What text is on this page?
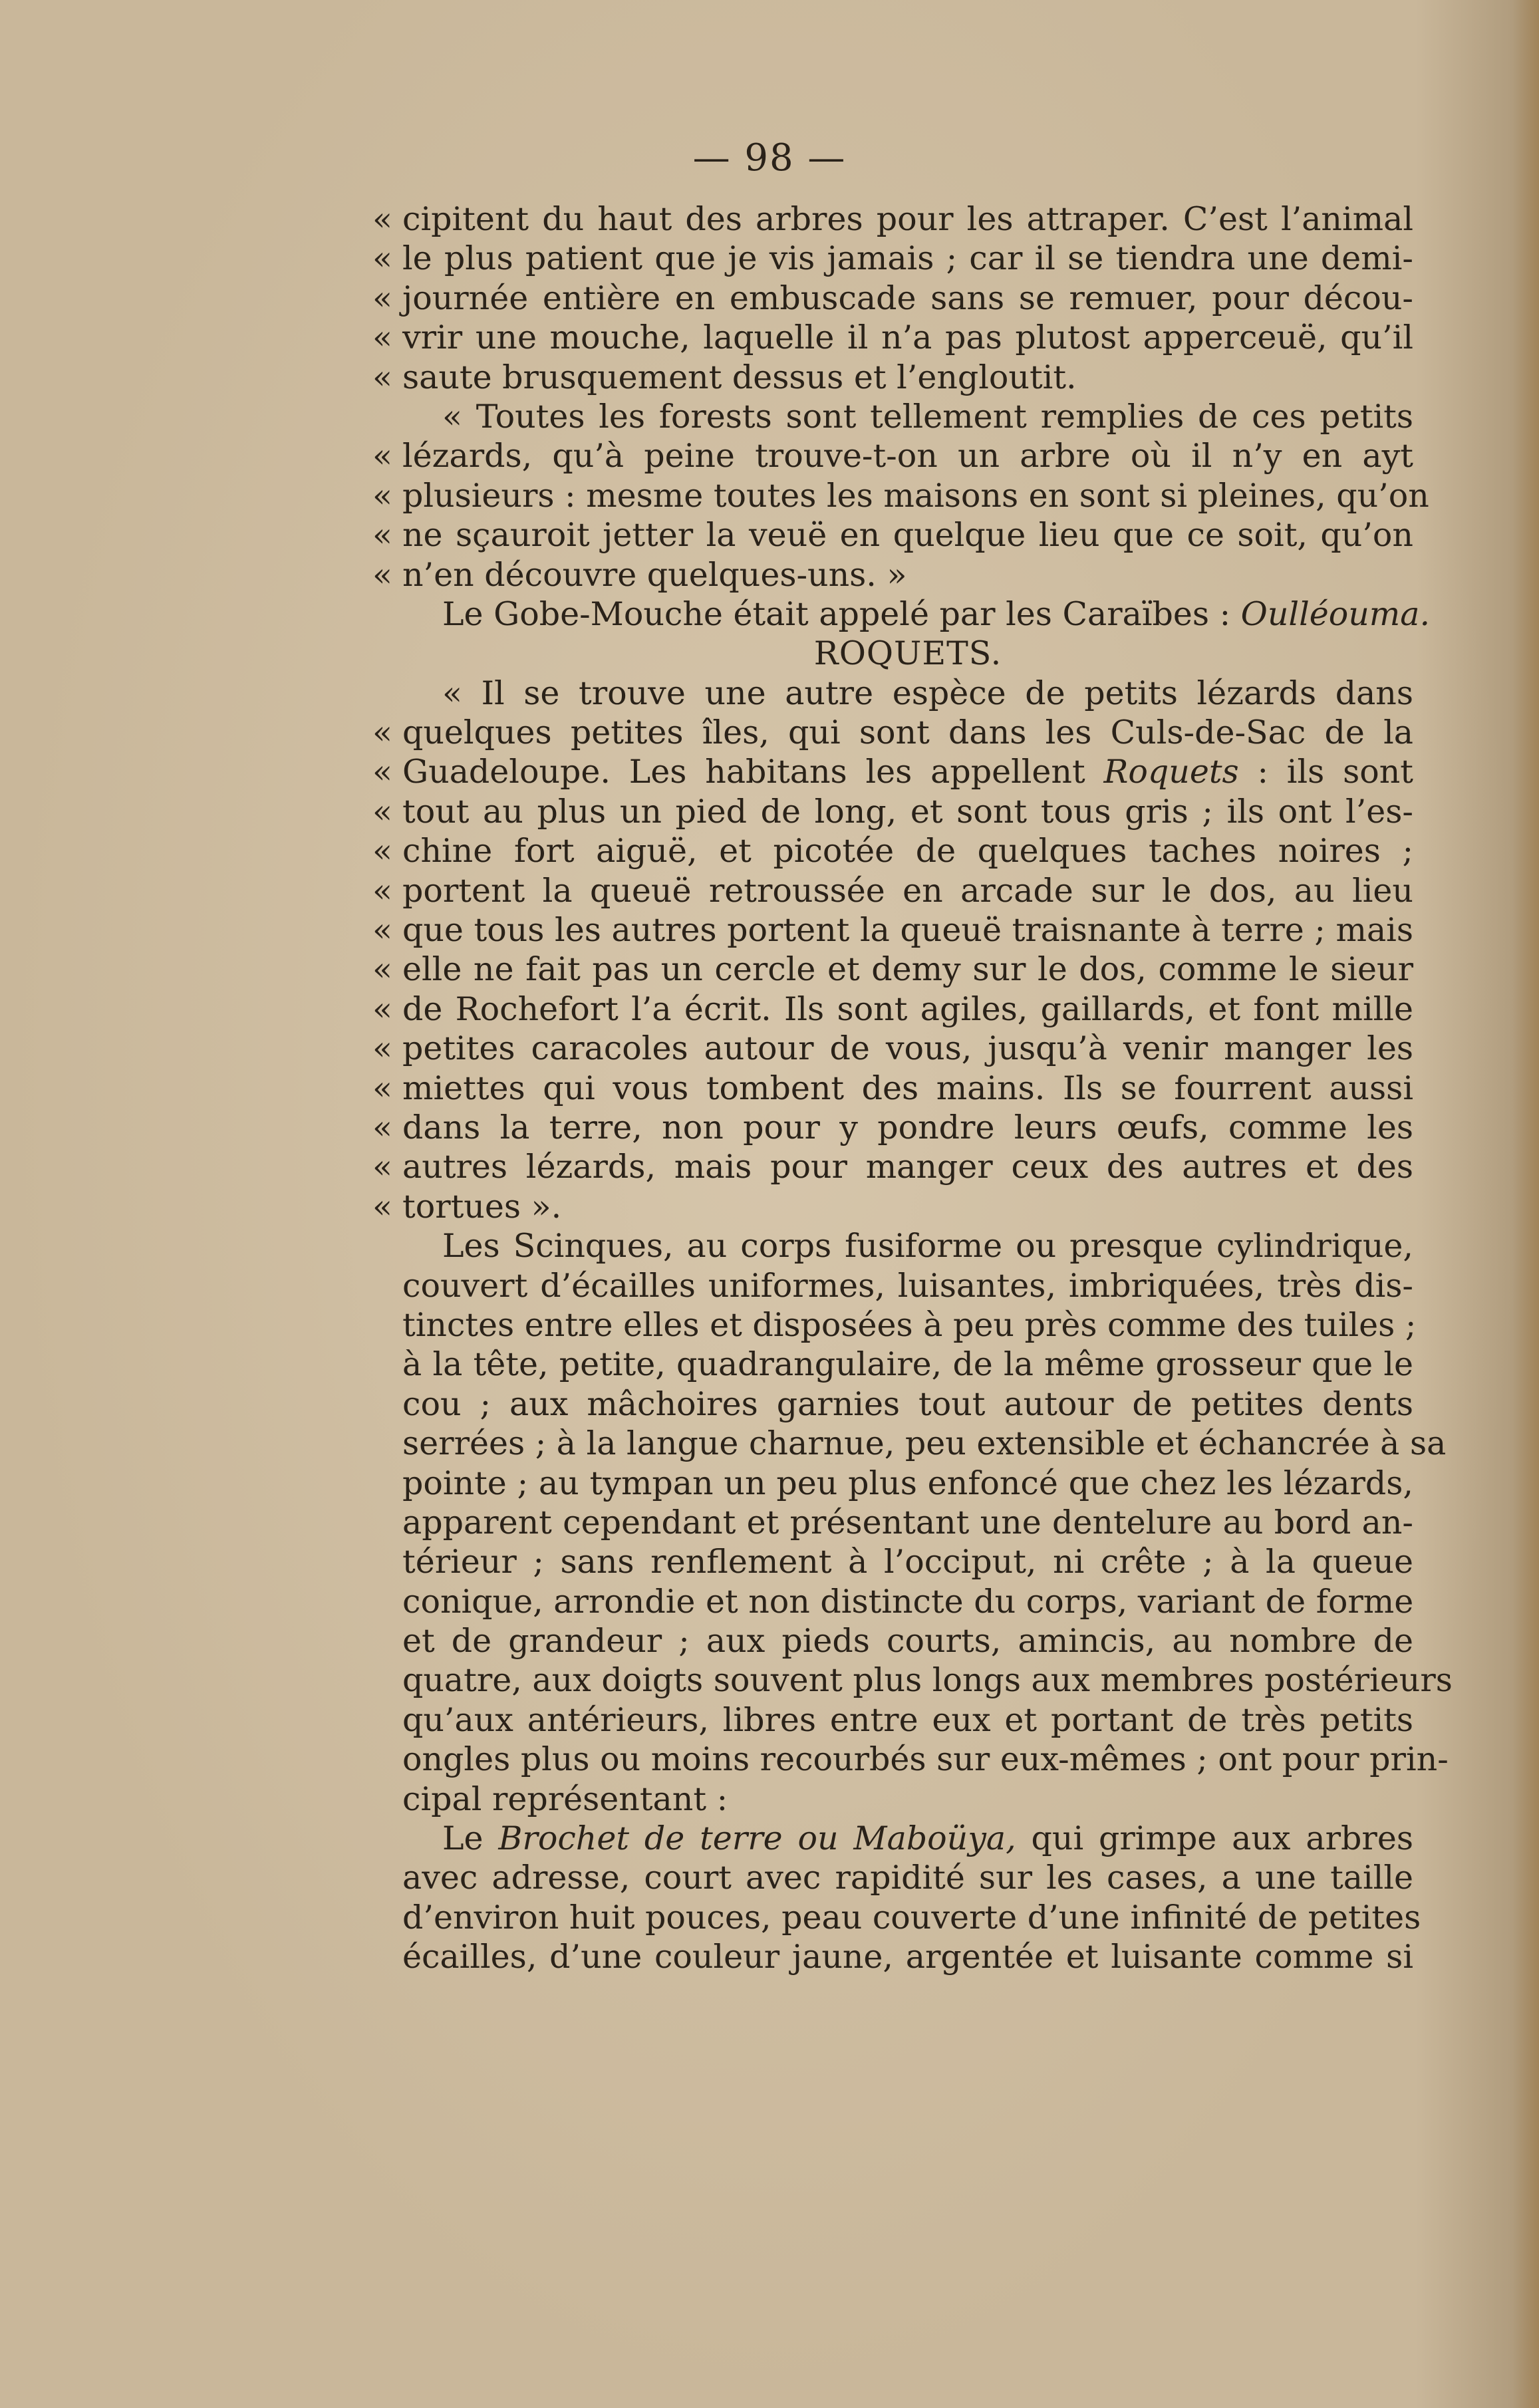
— 98 —
« cipitent du haut des arbres pour les attraper. C’est l’animal
« le plus patient que je vis jamais ; car il se tiendra une demi-
« journée entière en embuscade sans se remuer, pour décou-
« vrir une mouche, laquelle il n’a pas plutost apperceuë, qu’il
« saute brusquement dessus et l’engloutit.
« Toutes les forests sont tellement remplies de ces petits
« lézards, qu’à peine trouve-t-on un arbre où il n’y en ayt
« plusieurs : mesme toutes les maisons en sont si pleines, qu’on
« ne sçauroit jetter la veuë en quelque lieu que ce soit, qu’on
« n’en découvre quelques-uns. »
Le Gobe-Mouche était appelé par les Caraïbes : Oulléouma.
ROQUETS.
« Il se trouve une autre espèce de petits lézards dans
« quelques petites îles, qui sont dans les Culs-de-Sac de la
« Guadeloupe. Les habitans les appellent Roquets : ils sont
« tout au plus un pied de long, et sont tous gris ; ils ont l’es-
« chine fort aiguë, et picotée de quelques taches noires ;
« portent la queuë retroussée en arcade sur le dos, au lieu
« que tous les autres portent la queuë traisnante à terre ; mais
« elle ne fait pas un cercle et demy sur le dos, comme le sieur
« de Rochefort l’a écrit. Ils sont agiles, gaillards, et font mille
« petites caracoles autour de vous, jusqu’à venir manger les
« miettes qui vous tombent des mains. Ils se fourrent aussi
« dans la terre, non pour y pondre leurs œufs, comme les
« autres lézards, mais pour manger ceux des autres et des
« tortues ».
Les Scinques, au corps fusiforme ou presque cylindrique,
couvert d’écailles uniformes, luisantes, imbriquées, très dis-
tinctes entre elles et disposées à peu près comme des tuiles ;
à la tête, petite, quadrangulaire, de la même grosseur que le
cou ; aux mâchoires garnies tout autour de petites dents
serrées ; à la langue charnue, peu extensible et échancrée à sa
pointe ; au tympan un peu plus enfoncé que chez les lézards,
apparent cependant et présentant une dentelure au bord an-
térieur ; sans renflement à l’occiput, ni crête ; à la queue
conique, arrondie et non distincte du corps, variant de forme
et de grandeur ; aux pieds courts, amincis, au nombre de
quatre, aux doigts souvent plus longs aux membres postérieurs
qu’aux antérieurs, libres entre eux et portant de très petits
ongles plus ou moins recourbés sur eux-mêmes ; ont pour prin-
cipal représentant :
Le Brochet de terre ou Maboüya, qui grimpe aux arbres
avec adresse, court avec rapidité sur les cases, a une taille
d’environ huit pouces, peau couverte d’une infinité de petites
écailles, d’une couleur jaune, argentée et luisante comme si
